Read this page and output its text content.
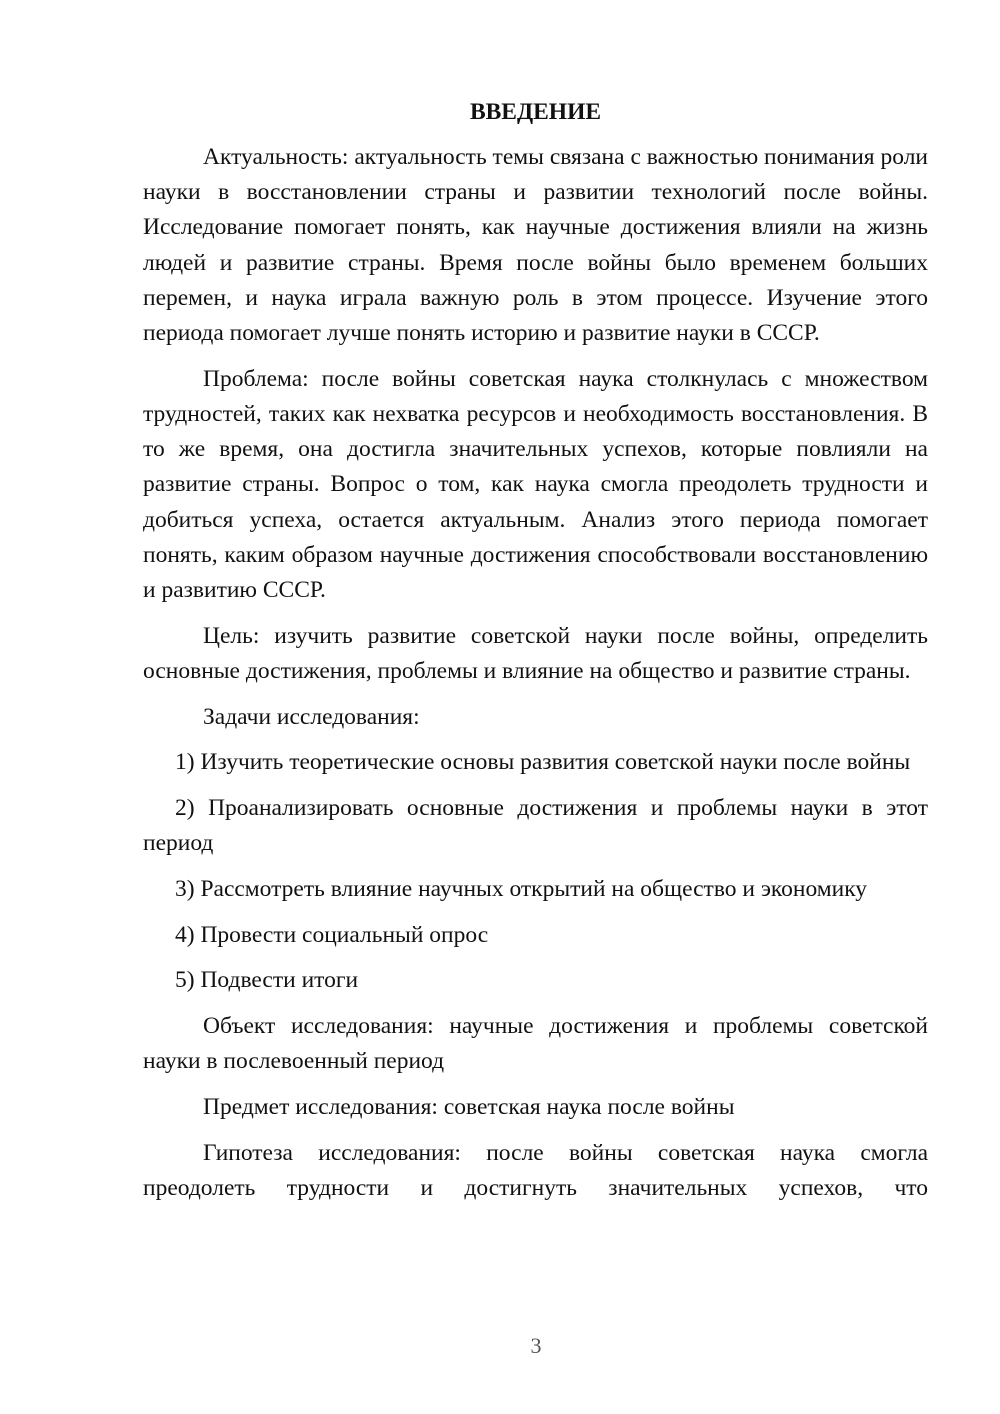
ВВЕДЕНИЕ

Актуальность: актуальность темы связана с важностью понимания роли науки в восстановлении страны и развитии технологий после войны. Исследование помогает понять, как научные достижения влияли на жизнь людей и развитие страны. Время после войны было временем больших перемен, и наука играла важную роль в этом процессе. Изучение этого периода помогает лучше понять историю и развитие науки в СССР.

Проблема: после войны советская наука столкнулась с множеством трудностей, таких как нехватка ресурсов и необходимость восстановления. В то же время, она достигла значительных успехов, которые повлияли на развитие страны. Вопрос о том, как наука смогла преодолеть трудности и добиться успеха, остается актуальным. Анализ этого периода помогает понять, каким образом научные достижения способствовали восстановлению и развитию СССР.

Цель: изучить развитие советской науки после войны, определить основные достижения, проблемы и влияние на общество и развитие страны.

Задачи исследования:

1) Изучить теоретические основы развития советской науки после войны

2) Проанализировать основные достижения и проблемы науки в этот период

3) Рассмотреть влияние научных открытий на общество и экономику

4) Провести социальный опрос

5) Подвести итоги

Объект исследования: научные достижения и проблемы советской науки в послевоенный период

Предмет исследования: советская наука после войны

Гипотеза исследования: после войны советская наука смогла преодолеть трудности и достигнуть значительных успехов, что

3
